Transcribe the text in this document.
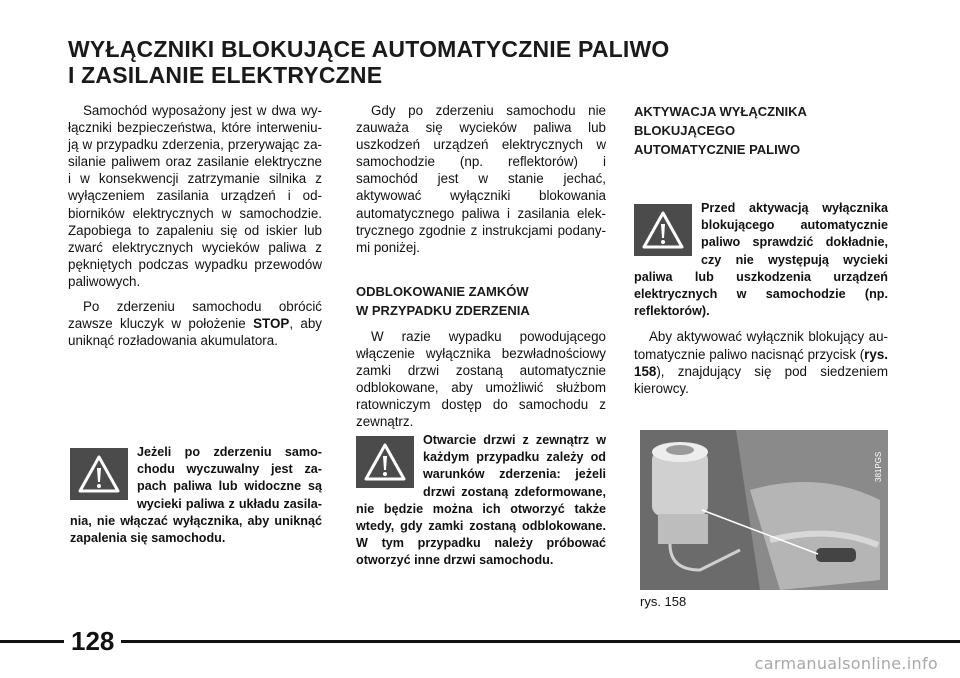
WYŁĄCZNIKI BLOKUJĄCE AUTOMATYCZNIE PALIWO
I ZASILANIE ELEKTRYCZNE

Samochód wyposażony jest w dwa wyłączniki bezpieczeństwa, które interweniują w przypadku zderzenia, przerywając zasilanie paliwem oraz zasilanie elektryczne i w konsekwencji zatrzymanie silnika z wyłączeniem zasilania urządzeń i odbiorników elektrycznych w samochodzie. Zapobiega to zapaleniu się od iskier lub zwarć elektrycznych wycieków paliwa z pękniętych podczas wypadku przewodów paliwowych.

Po zderzeniu samochodu obrócić zawsze kluczyk w położenie STOP, aby uniknąć rozładowania akumulatora.

Jeżeli po zderzeniu samochodu wyczuwalny jest zapach paliwa lub widoczne są wycieki paliwa z układu zasilania, nie włączać wyłącznika, aby uniknąć zapalenia się samochodu.

Gdy po zderzeniu samochodu nie zauważa się wycieków paliwa lub uszkodzeń urządzeń elektrycznych w samochodzie (np. reflektorów) i samochód jest w stanie jechać, aktywować wyłączniki blokowania automatycznego paliwa i zasilania elektrycznego zgodnie z instrukcjami podanymi poniżej.

ODBLOKOWANIE ZAMKÓW
W PRZYPADKU ZDERZENIA

W razie wypadku powodującego włączenie wyłącznika bezwładnościowy zamki drzwi zostaną automatycznie odblokowane, aby umożliwić służbom ratowniczym dostęp do samochodu z zewnątrz.

Otwarcie drzwi z zewnątrz w każdym przypadku zależy od warunków zderzenia: jeżeli drzwi zostaną zdeformowane, nie będzie można ich otworzyć także wtedy, gdy zamki zostaną odblokowane. W tym przypadku należy próbować otworzyć inne drzwi samochodu.
AKTYWACJA WYŁĄCZNIKA
BLOKUJĄCEGO
AUTOMATYCZNIE PALIWO
Przed aktywacją wyłącznika blokującego automatycznie paliwo sprawdzić dokładnie, czy nie występują wycieki paliwa lub uszkodzenia urządzeń elektrycznych w samochodzie (np. reflektorów).

Aby aktywować wyłącznik blokujący automatycznie paliwo nacisnąć przycisk (rys. 158), znajdujący się pod siedzeniem kierowcy.

381PGS
rys. 158
128
carmanualsonline.info
